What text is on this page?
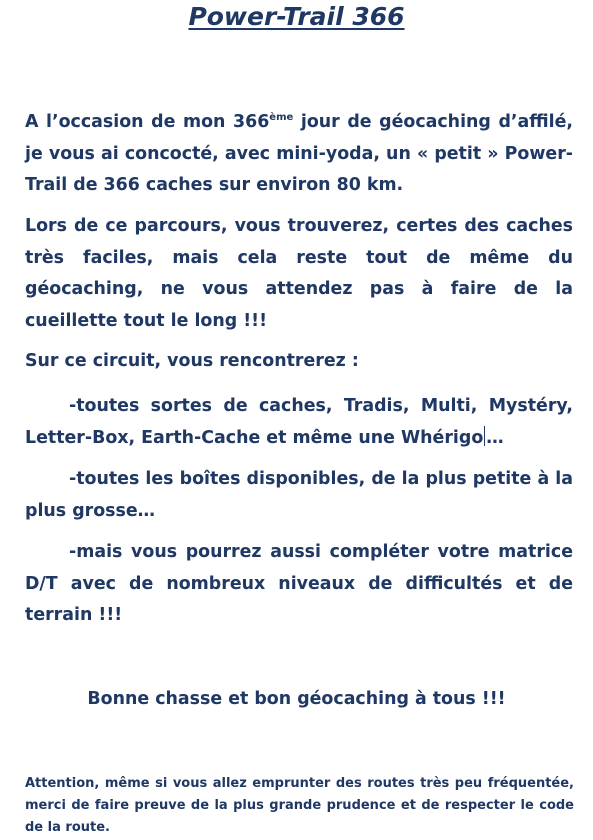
Power-Trail 366

A l’occasion de mon 366ème jour de géocaching d’affilé, je vous ai concocté, avec mini-yoda, un « petit » Power-Trail de 366 caches sur environ 80 km.

Lors de ce parcours, vous trouverez, certes des caches très faciles, mais cela reste tout de même du géocaching, ne vous attendez pas à faire de la cueillette tout le long !!!

Sur ce circuit, vous rencontrerez :

-toutes sortes de caches, Tradis, Multi, Mystéry, Letter-Box, Earth-Cache et même une Whérigo …

-toutes les boîtes disponibles, de la plus petite à la plus grosse…

-mais vous pourrez aussi compléter votre matrice D/T avec de nombreux niveaux de difficultés et de terrain !!!

Bonne chasse et bon géocaching à tous !!!

Attention, même si vous allez emprunter des routes très peu fréquentée, merci de faire preuve de la plus grande prudence et de respecter le code de la route.
